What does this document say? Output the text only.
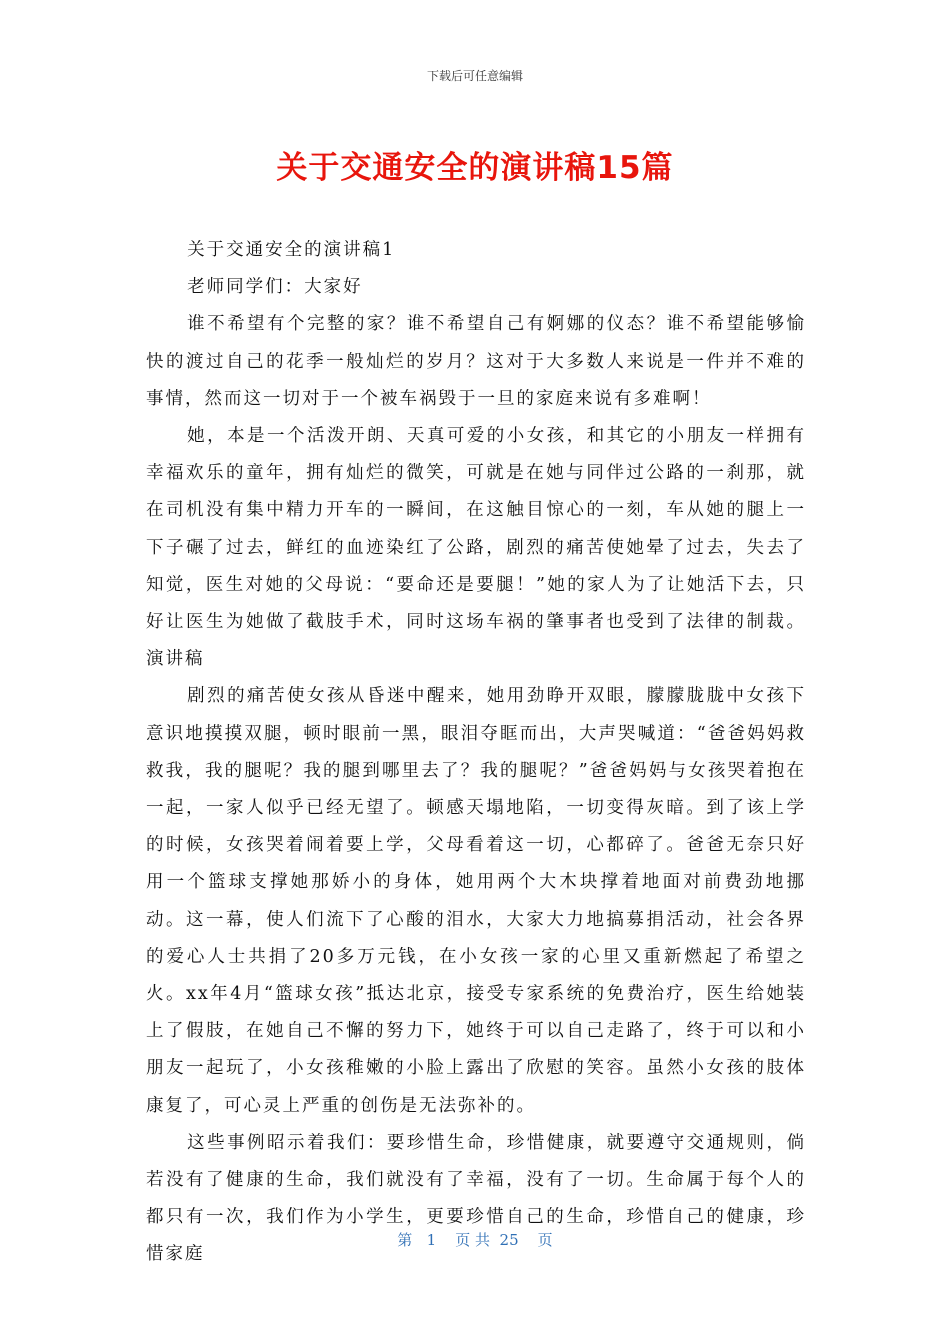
下载后可任意编辑
关于交通安全的演讲稿15篇

关于交通安全的演讲稿1

老师同学们：大家好

谁不希望有个完整的家？谁不希望自己有婀娜的仪态？谁不希望能够愉快的渡过自己的花季一般灿烂的岁月？这对于大多数人来说是一件并不难的事情，然而这一切对于一个被车祸毁于一旦的家庭来说有多难啊！

她，本是一个活泼开朗、天真可爱的小女孩，和其它的小朋友一样拥有幸福欢乐的童年，拥有灿烂的微笑，可就是在她与同伴过公路的一刹那，就在司机没有集中精力开车的一瞬间，在这触目惊心的一刻，车从她的腿上一下子碾了过去，鲜红的血迹染红了公路，剧烈的痛苦使她晕了过去，失去了知觉，医生对她的父母说：“要命还是要腿！”她的家人为了让她活下去，只好让医生为她做了截肢手术，同时这场车祸的肇事者也受到了法律的制裁。演讲稿

剧烈的痛苦使女孩从昏迷中醒来，她用劲睁开双眼，朦朦胧胧中女孩下意识地摸摸双腿，顿时眼前一黑，眼泪夺眶而出，大声哭喊道：“爸爸妈妈救救我，我的腿呢？我的腿到哪里去了？我的腿呢？”爸爸妈妈与女孩哭着抱在一起，一家人似乎已经无望了。顿感天塌地陷，一切变得灰暗。到了该上学的时候，女孩哭着闹着要上学，父母看着这一切，心都碎了。爸爸无奈只好用一个篮球支撑她那娇小的身体，她用两个大木块撑着地面对前费劲地挪动。这一幕，使人们流下了心酸的泪水，大家大力地搞募捐活动，社会各界的爱心人士共捐了20多万元钱，在小女孩一家的心里又重新燃起了希望之火。xx年4月“篮球女孩”抵达北京，接受专家系统的免费治疗，医生给她装上了假肢，在她自己不懈的努力下，她终于可以自己走路了，终于可以和小朋友一起玩了，小女孩稚嫩的小脸上露出了欣慰的笑容。虽然小女孩的肢体康复了，可心灵上严重的创伤是无法弥补的。

这些事例昭示着我们：要珍惜生命，珍惜健康，就要遵守交通规则，倘若没有了健康的生命，我们就没有了幸福，没有了一切。生命属于每个人的都只有一次，我们作为小学生，更要珍惜自己的生命，珍惜自己的健康，珍惜家庭

第   1    页 共  25    页
